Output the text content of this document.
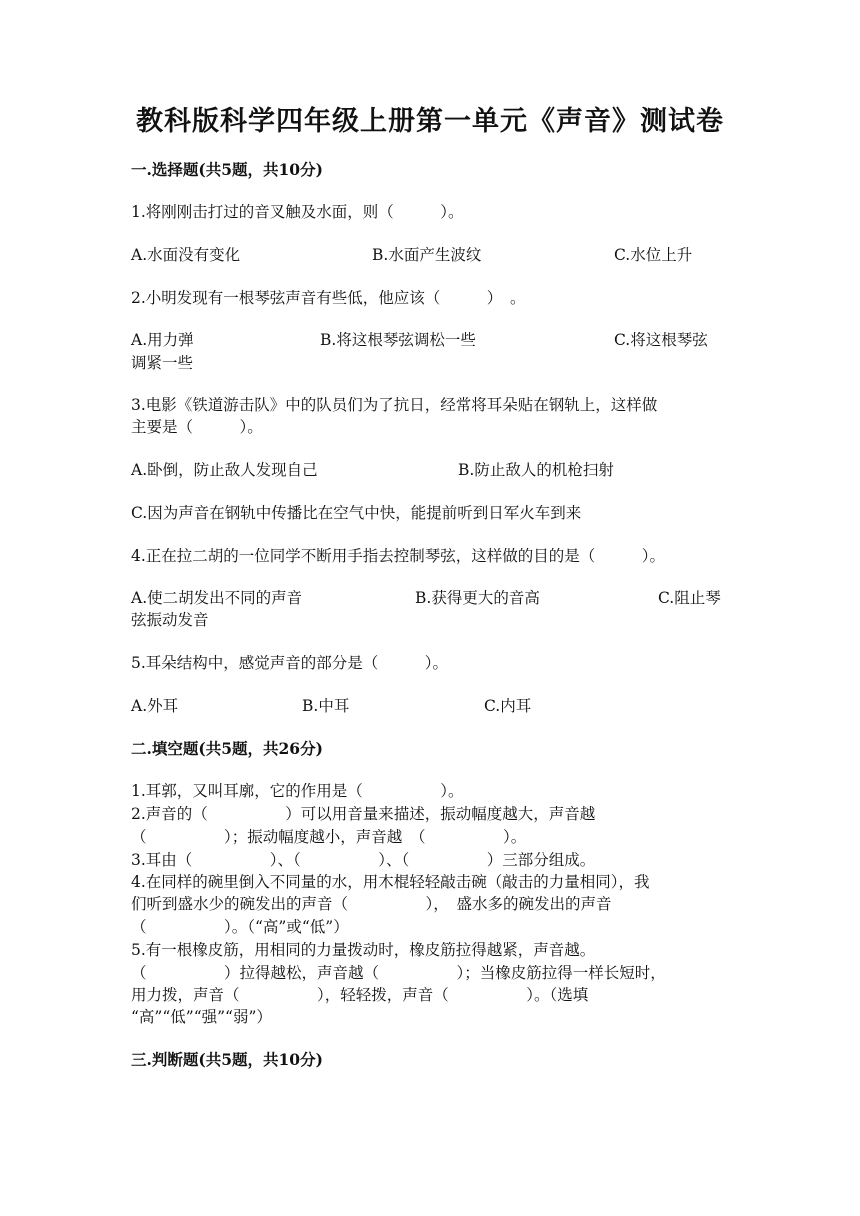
教科版科学四年级上册第一单元《声音》测试卷
一.选择题(共5题，共10分)
1.将刚刚击打过的音叉触及水面，则（　　　）。
A.水面没有变化	B.水面产生波纹	C.水位上升
2.小明发现有一根琴弦声音有些低，他应该（　　　）　。
A.用力弹	B.将这根琴弦调松一些	C.将这根琴弦
调紧一些
3.电影《铁道游击队》中的队员们为了抗日，经常将耳朵贴在钢轨上，这样做
主要是（　　　）。
A.卧倒，防止敌人发现自己	B.防止敌人的机枪扫射
C.因为声音在钢轨中传播比在空气中快，能提前听到日军火车到来
4.正在拉二胡的一位同学不断用手指去控制琴弦，这样做的目的是（　　　）。
A.使二胡发出不同的声音	B.获得更大的音高	C.阻止琴
弦振动发音
5.耳朵结构中，感觉声音的部分是（　　　）。
A.外耳	B.中耳	C.内耳
二.填空题(共5题，共26分)
1.耳郭，又叫耳廓，它的作用是（　　　　　）。
2.声音的（　　　　　）可以用音量来描述，振动幅度越大，声音越
（　　　　　）；振动幅度越小，声音越　（　　　　　）。
3.耳由（　　　　　）、（　　　　　）、（　　　　　）三部分组成。
4.在同样的碗里倒入不同量的水，用木棍轻轻敲击碗（敲击的力量相同），我
们听到盛水少的碗发出的声音（　　　　　），　盛水多的碗发出的声音
（　　　　　）。（“高”或“低”）
5.有一根橡皮筋，用相同的力量拨动时，橡皮筋拉得越紧，声音越。
（　　　　　）拉得越松，声音越（　　　　　）；当橡皮筋拉得一样长短时，
用力拨，声音（　　　　　），轻轻拨，声音（　　　　　）。（选填
“高”“低”“强”“弱”）
三.判断题(共5题，共10分)
